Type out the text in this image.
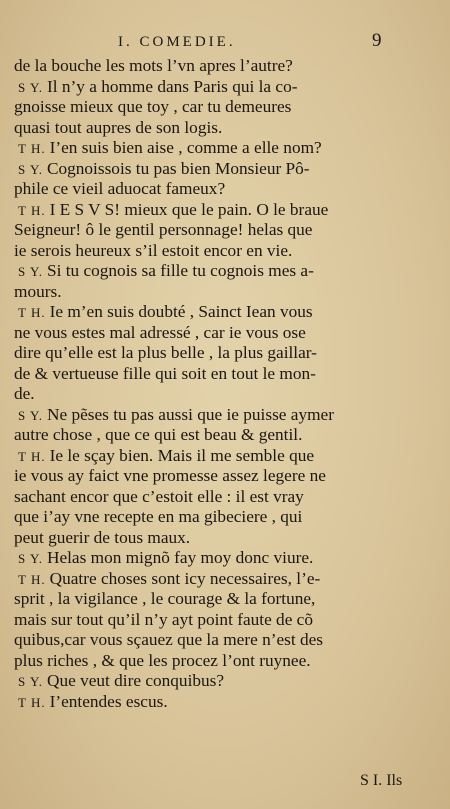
I. COMEDIE.	9
de la bouche les mots l’vn apres l’autre?
S Y. Il n’y a homme dans Paris qui la co-
gnoisse mieux que toy , car tu demeures
quasi tout aupres de son logis.
T H. I’en suis bien aise , comme a elle nom?
S Y. Cognoissois tu pas bien Monsieur Pô-
phile ce vieil aduocat fameux?
T H. I E S V S! mieux que le pain. O le braue
Seigneur! ô le gentil personnage! helas que
ie serois heureux s’il estoit encor en vie.
S Y. Si tu cognois sa fille tu cognois mes a-
mours.
T H. Ie m’en suis doubté , Sainct Iean vous
ne vous estes mal adressé , car ie vous ose
dire qu’elle est la plus belle , la plus gaillar-
de & vertueuse fille qui soit en tout le mon-
de.
S Y. Ne pẽses tu pas aussi que ie puisse aymer
autre chose , que ce qui est beau & gentil.
T H. Ie le sçay bien. Mais il me semble que
ie vous ay faict vne promesse assez legere ne
sachant encor que c’estoit elle : il est vray
que i’ay vne recepte en ma gibeciere , qui
peut guerir de tous maux.
S Y. Helas mon mignõ fay moy donc viure.
T H. Quatre choses sont icy necessaires, l’e-
sprit , la vigilance , le courage & la fortune,
mais sur tout qu’il n’y ayt point faute de cõ
quibus,car vous sçauez que la mere n’est des
plus riches , & que les procez l’ont ruynee.
S Y. Que veut dire conquibus?
T H. I’entendes escus.
S I. Ils
